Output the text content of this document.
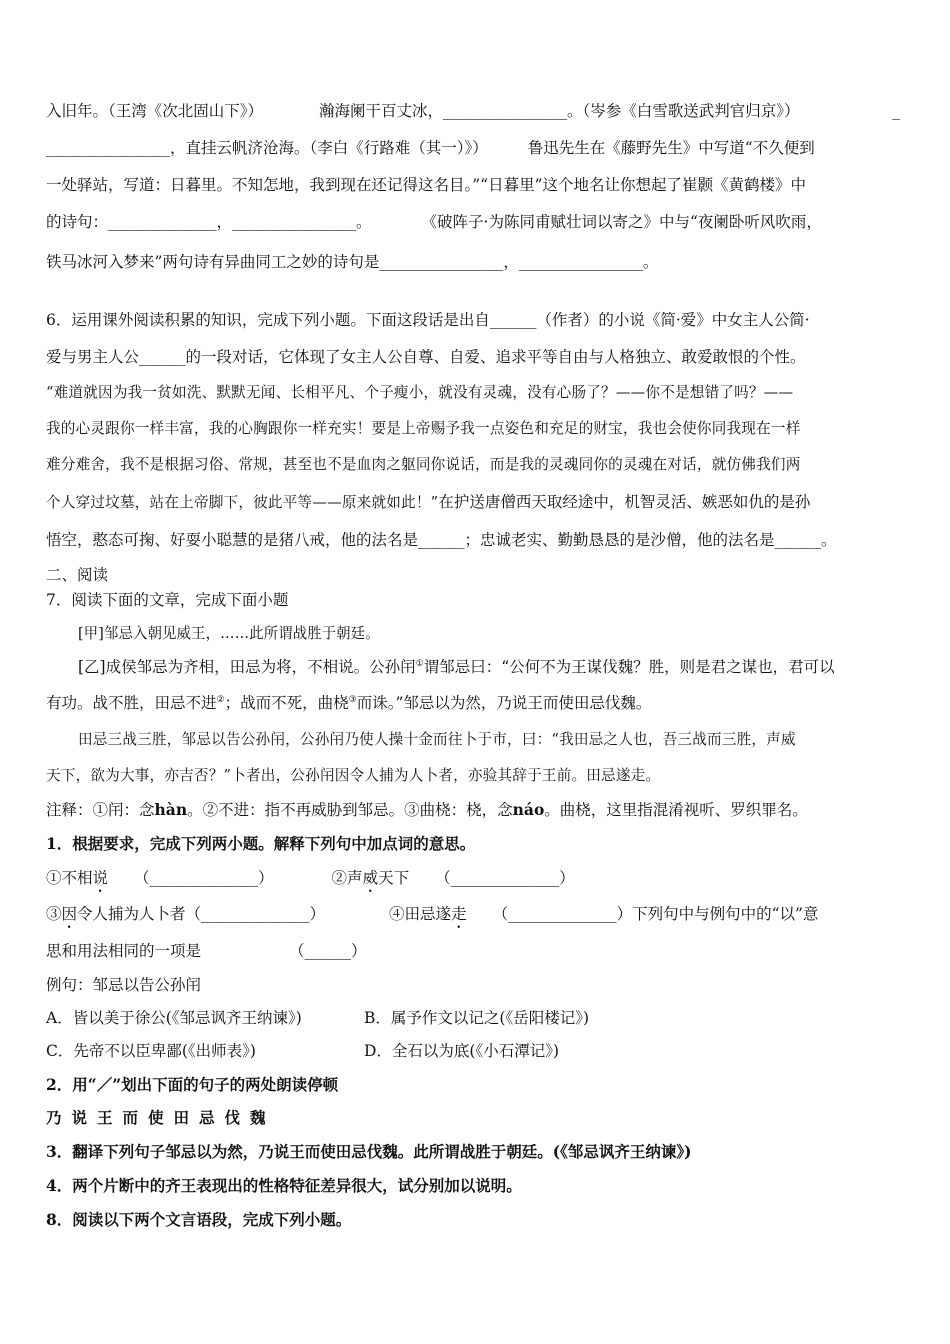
入旧年。（王湾《次北固山下》）	瀚海阑干百丈冰，________________。（岑参《白雪歌送武判官归京》）	_
________________，直挂云帆济沧海。（李白《行路难（其一）》）	鲁迅先生在《藤野先生》中写道“不久便到
一处驿站，写道：日暮里。不知怎地，我到现在还记得这名目。”“日暮里”这个地名让你想起了崔颢《黄鹤楼》中
的诗句：______________，________________。	《破阵子·为陈同甫赋壮词以寄之》中与“夜阑卧听风吹雨，
铁马冰河入梦来”两句诗有异曲同工之妙的诗句是________________，________________。
6．运用课外阅读积累的知识，完成下列小题。下面这段话是出自______（作者）的小说《简·爱》中女主人公简·
爱与男主人公______的一段对话，它体现了女主人公自尊、自爱、追求平等自由与人格独立、敢爱敢恨的个性。
“难道就因为我一贫如洗、默默无闻、长相平凡、个子瘦小，就没有灵魂，没有心肠了？——你不是想错了吗？——
我的心灵跟你一样丰富，我的心胸跟你一样充实！要是上帝赐予我一点姿色和充足的财宝，我也会使你同我现在一样
难分难舍，我不是根据习俗、常规，甚至也不是血肉之躯同你说话，而是我的灵魂同你的灵魂在对话，就仿佛我们两
个人穿过坟墓，站在上帝脚下，彼此平等——原来就如此！”在护送唐僧西天取经途中，机智灵活、嫉恶如仇的是孙
悟空，憨态可掬、好耍小聪慧的是猪八戒，他的法名是______；忠诚老实、勤勤恳恳的是沙僧，他的法名是______。
二、阅读
7．阅读下面的文章，完成下面小题
[甲]邹忌入朝见威王，……此所谓战胜于朝廷。
[乙]成侯邹忌为齐相，田忌为将，不相说。公孙闬①谓邹忌曰：“公何不为王谋伐魏？胜，则是君之谋也，君可以
有功。战不胜，田忌不进②；战而不死，曲桡③而诛。”邹忌以为然，乃说王而使田忌伐魏。
田忌三战三胜，邹忌以告公孙闬，公孙闬乃使人操十金而往卜于市，曰：“我田忌之人也，吾三战而三胜，声威
天下，欲为大事，亦吉否？”卜者出，公孙闬因令人捕为人卜者，亦验其辞于王前。田忌遂走。
注释：①闬：念hàn。②不进：指不再威胁到邹忌。③曲桡：桡，念náo。曲桡，这里指混淆视听、罗织罪名。
1．根据要求，完成下列两小题。解释下列句中加点词的意思。
①不相说 （______________）	②声威天下 （______________）
③因令人捕为人卜者（______________）	④田忌遂走 （______________）下列句中与例句中的“以”意
思和用法相同的一项是	（______）
例句：邹忌以告公孙闬
A．皆以美于徐公(《邹忌讽齐王纳谏》)	B．属予作文以记之(《岳阳楼记》)
C．先帝不以臣卑鄙(《出师表》)	D．全石以为底(《小石潭记》)
2．用“／”划出下面的句子的两处朗读停顿
乃说王而使田忌伐魏
3．翻译下列句子邹忌以为然，乃说王而使田忌伐魏。此所谓战胜于朝廷。(《邹忌讽齐王纳谏》)
4．两个片断中的齐王表现出的性格特征差异很大，试分别加以说明。
8．阅读以下两个文言语段，完成下列小题。
